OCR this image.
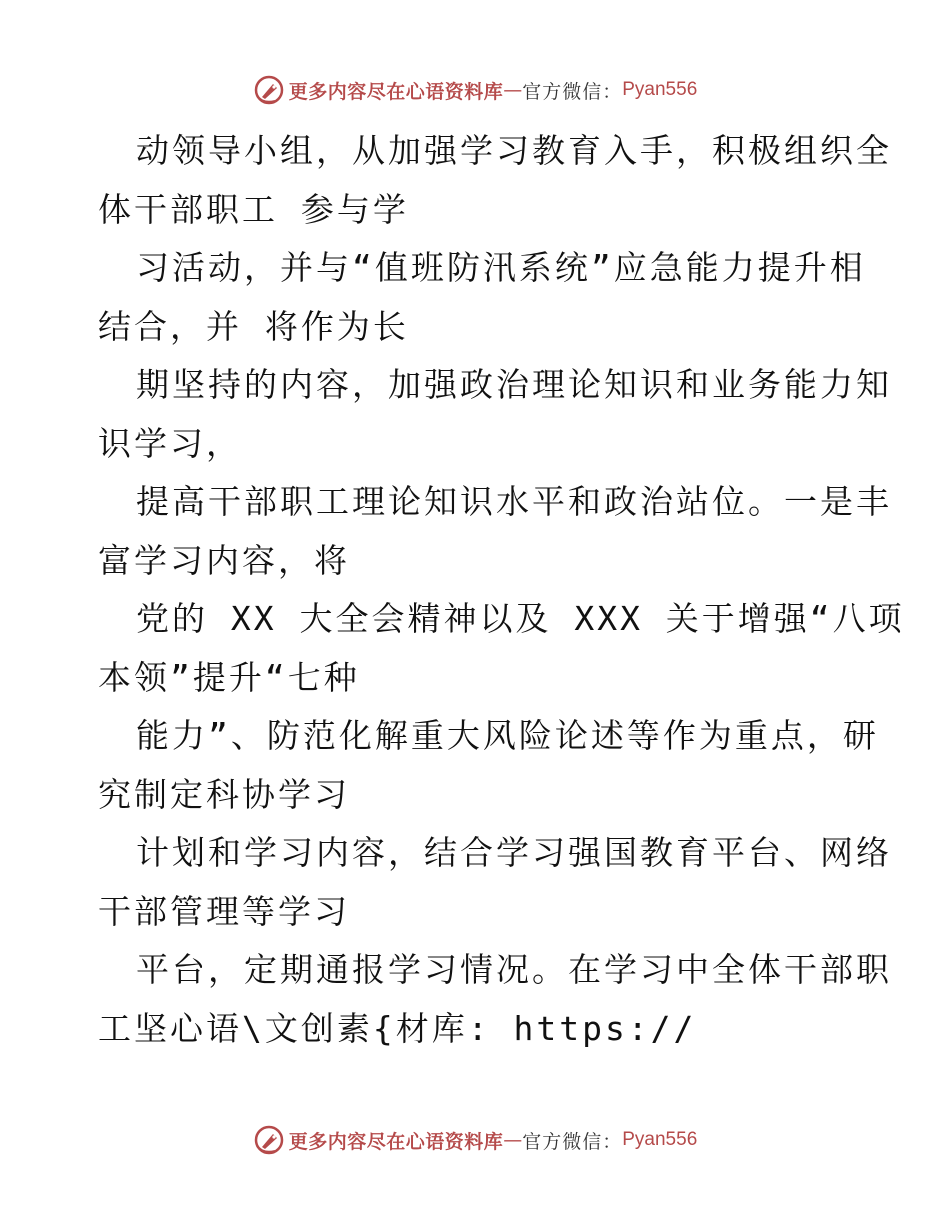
更多内容尽在心语资料库 — 官方微信： Pyan556
动领导小组，从加强学习教育入手，积极组织全
体干部职工 参与学
习活动，并与“值班防汛系统”应急能力提升相
结合，并 将作为长
期坚持的内容，加强政治理论知识和业务能力知
识学习，
提高干部职工理论知识水平和政治站位。一是丰
富学习内容，将
党的 XX 大全会精神以及 XXX 关于增强“八项
本领”提升“七种
能力”、防范化解重大风险论述等作为重点，研
究制定科协学习
计划和学习内容，结合学习强国教育平台、网络
干部管理等学习
平台，定期通报学习情况。在学习中全体干部职
工坚心语\文创素{材库: https://
更多内容尽在心语资料库 — 官方微信： Pyan556
